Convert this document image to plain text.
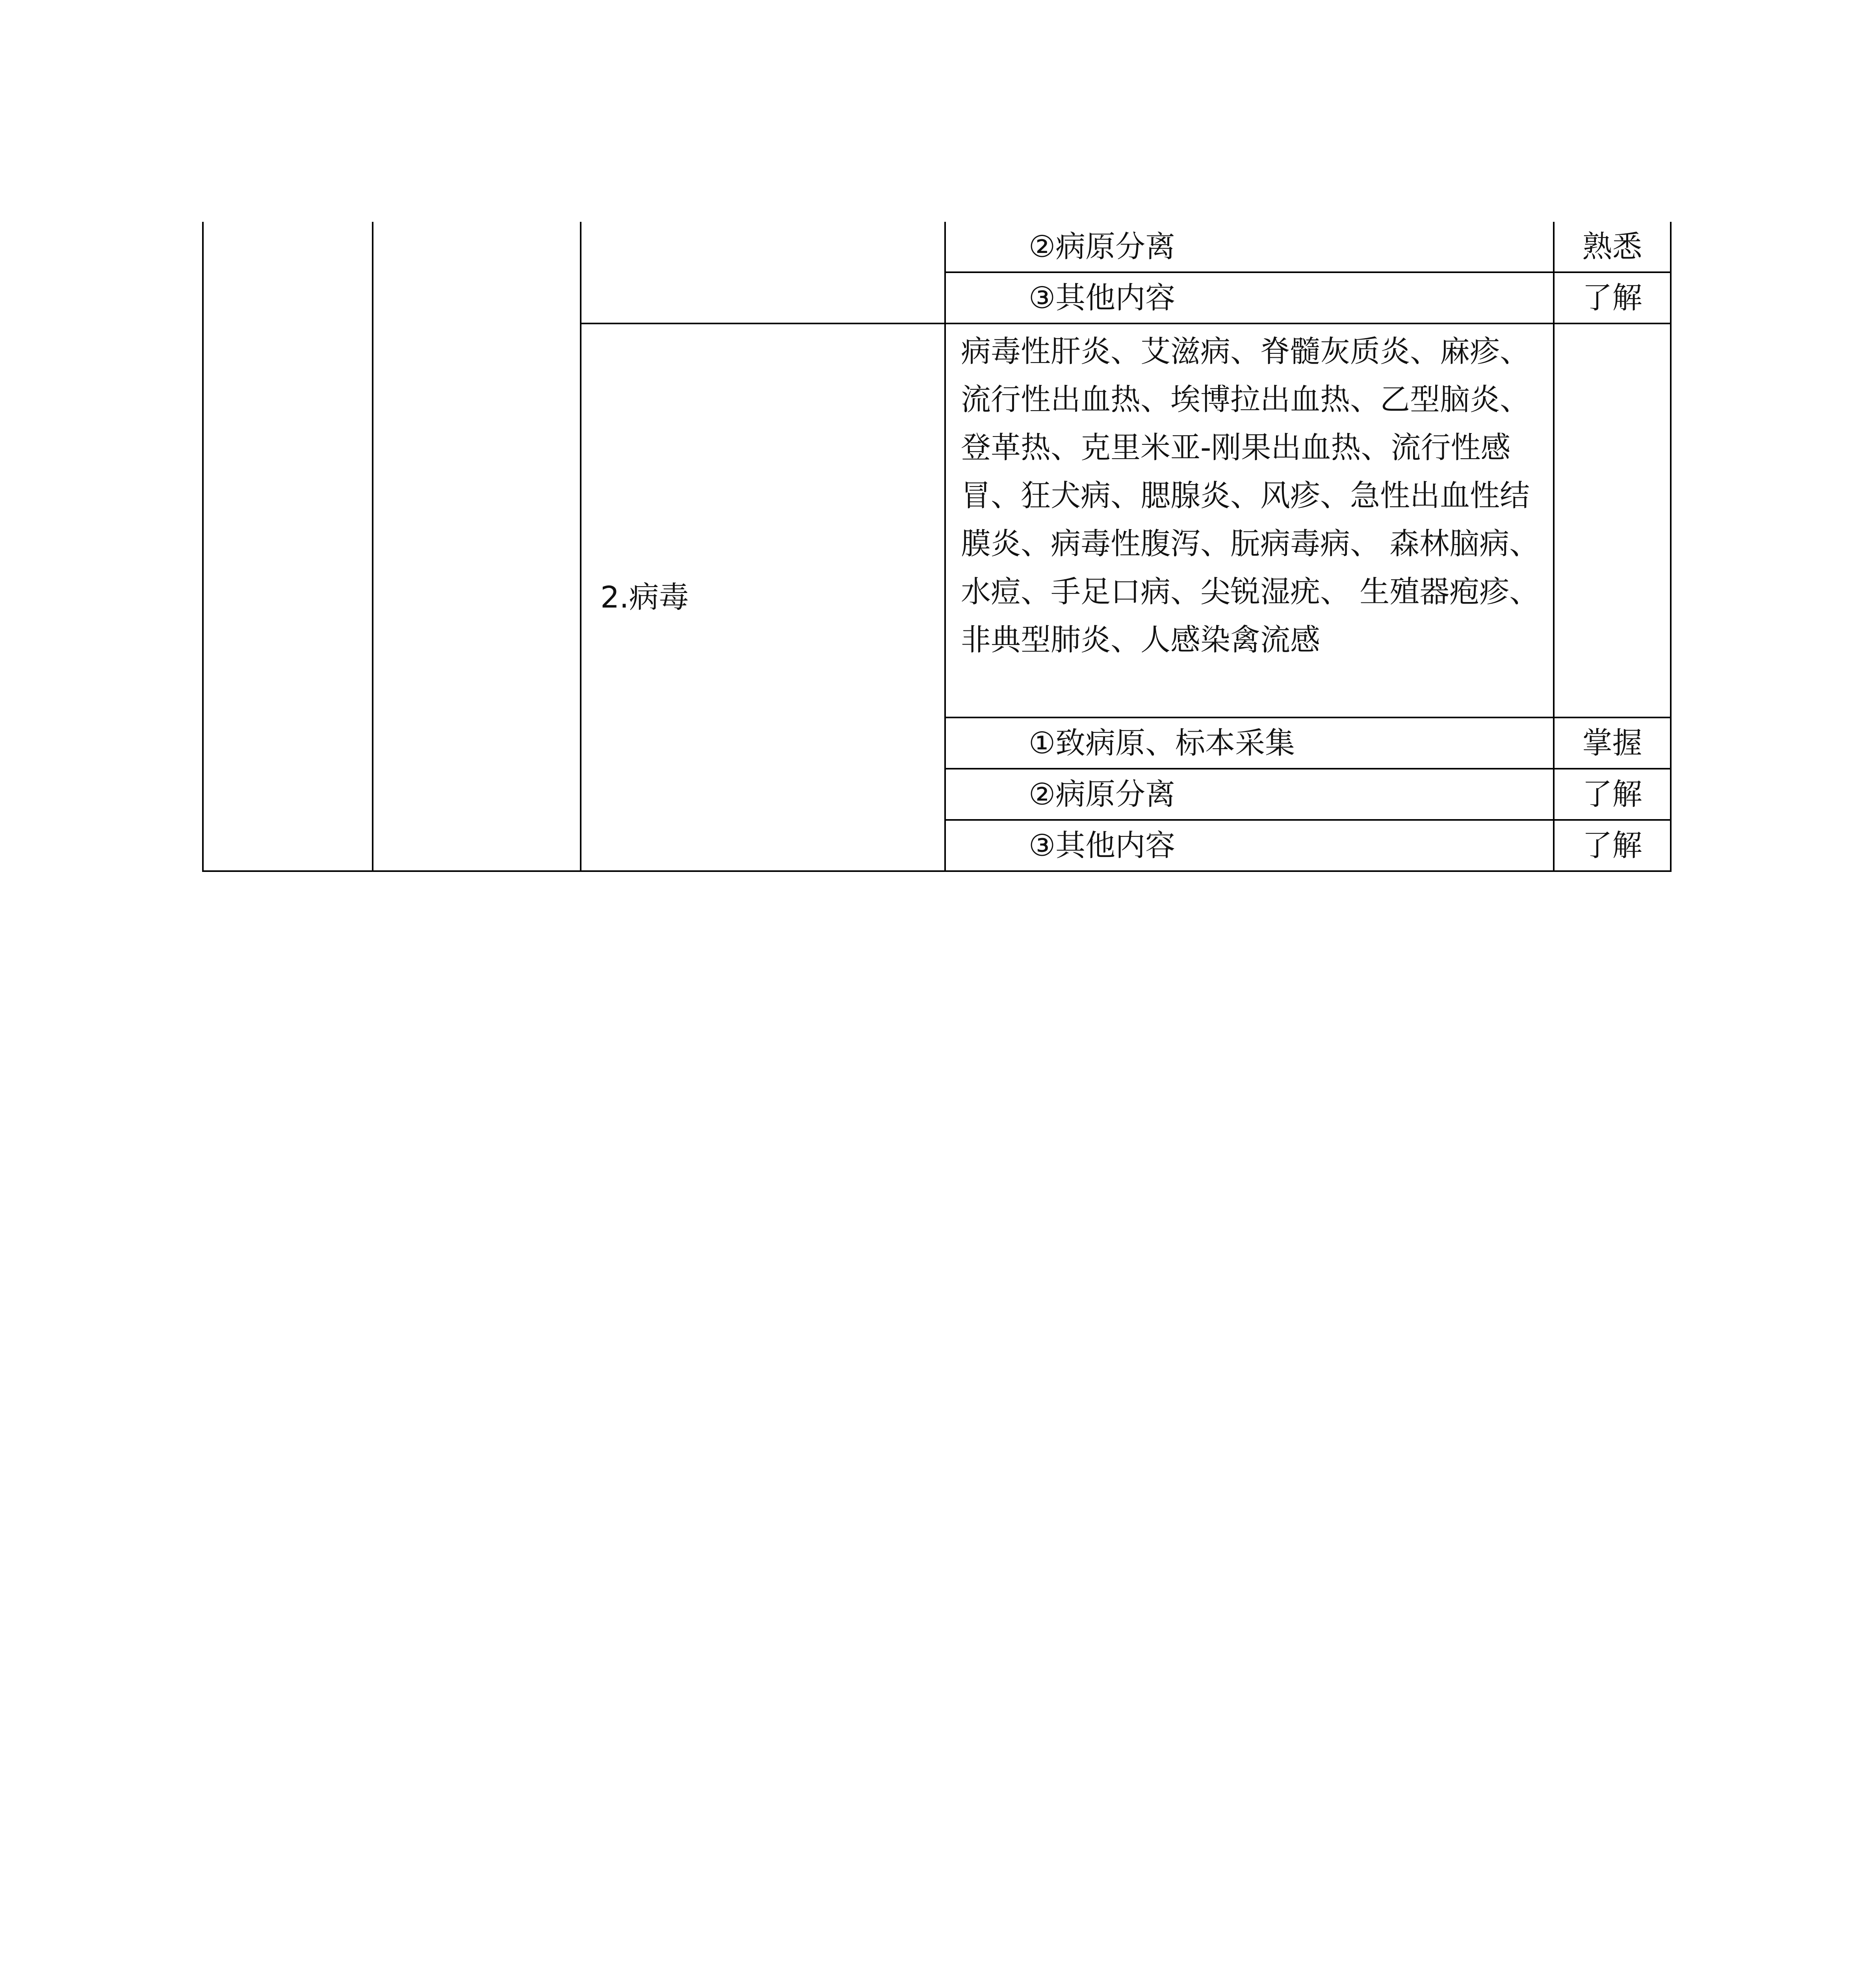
			②病原分离	熟悉
			③其他内容	了解
		2.病毒	病毒性肝炎、艾滋病、脊髓灰质炎、麻疹、流行性出血热、埃博拉出血热、乙型脑炎、登革热、克里米亚-刚果出血热、流行性感冒、狂犬病、腮腺炎、风疹、急性出血性结膜炎、病毒性腹泻、朊病毒病、 森林脑病、水痘、手足口病、尖锐湿疣、 生殖器疱疹、非典型肺炎、人感染禽流感	
			①致病原、标本采集	掌握
			②病原分离	了解
			③其他内容	了解
